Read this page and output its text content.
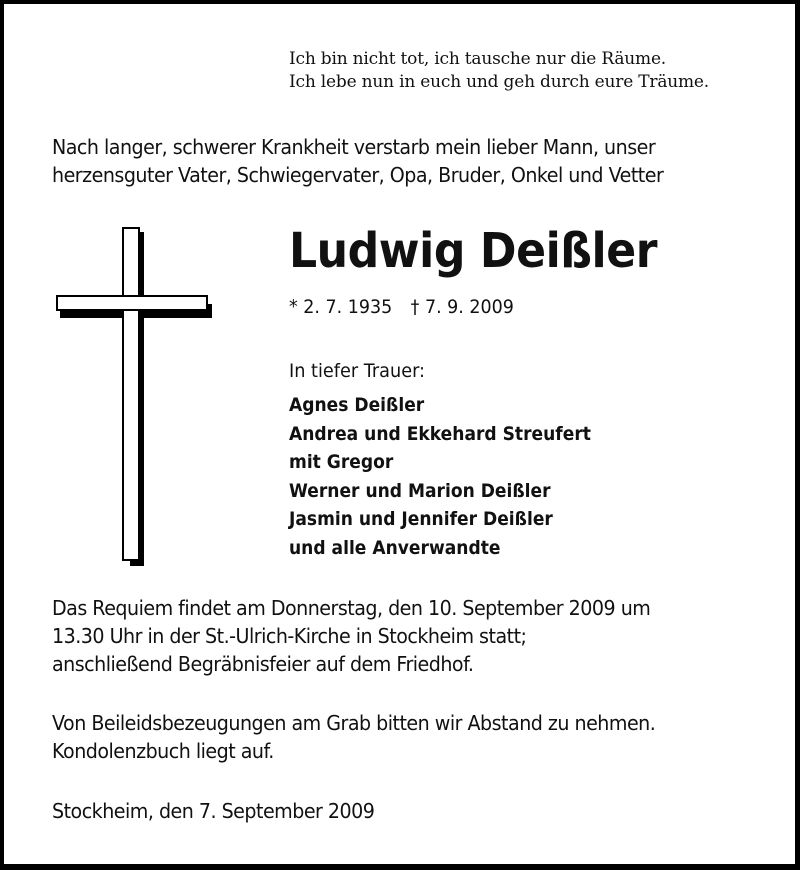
Ich bin nicht tot, ich tausche nur die Räume.
Ich lebe nun in euch und geh durch eure Träume.
Nach langer, schwerer Krankheit verstarb mein lieber Mann, unser
herzensguter Vater, Schwiegervater, Opa, Bruder, Onkel und Vetter
Ludwig Deißler
* 2. 7. 1935 † 7. 9. 2009
In tiefer Trauer:
Agnes Deißler
Andrea und Ekkehard Streufert
mit Gregor
Werner und Marion Deißler
Jasmin und Jennifer Deißler
und alle Anverwandte
Das Requiem findet am Donnerstag, den 10. September 2009 um
13.30 Uhr in der St.-Ulrich-Kirche in Stockheim statt;
anschließend Begräbnisfeier auf dem Friedhof.
Von Beileidsbezeugungen am Grab bitten wir Abstand zu nehmen.
Kondolenzbuch liegt auf.
Stockheim, den 7. September 2009
